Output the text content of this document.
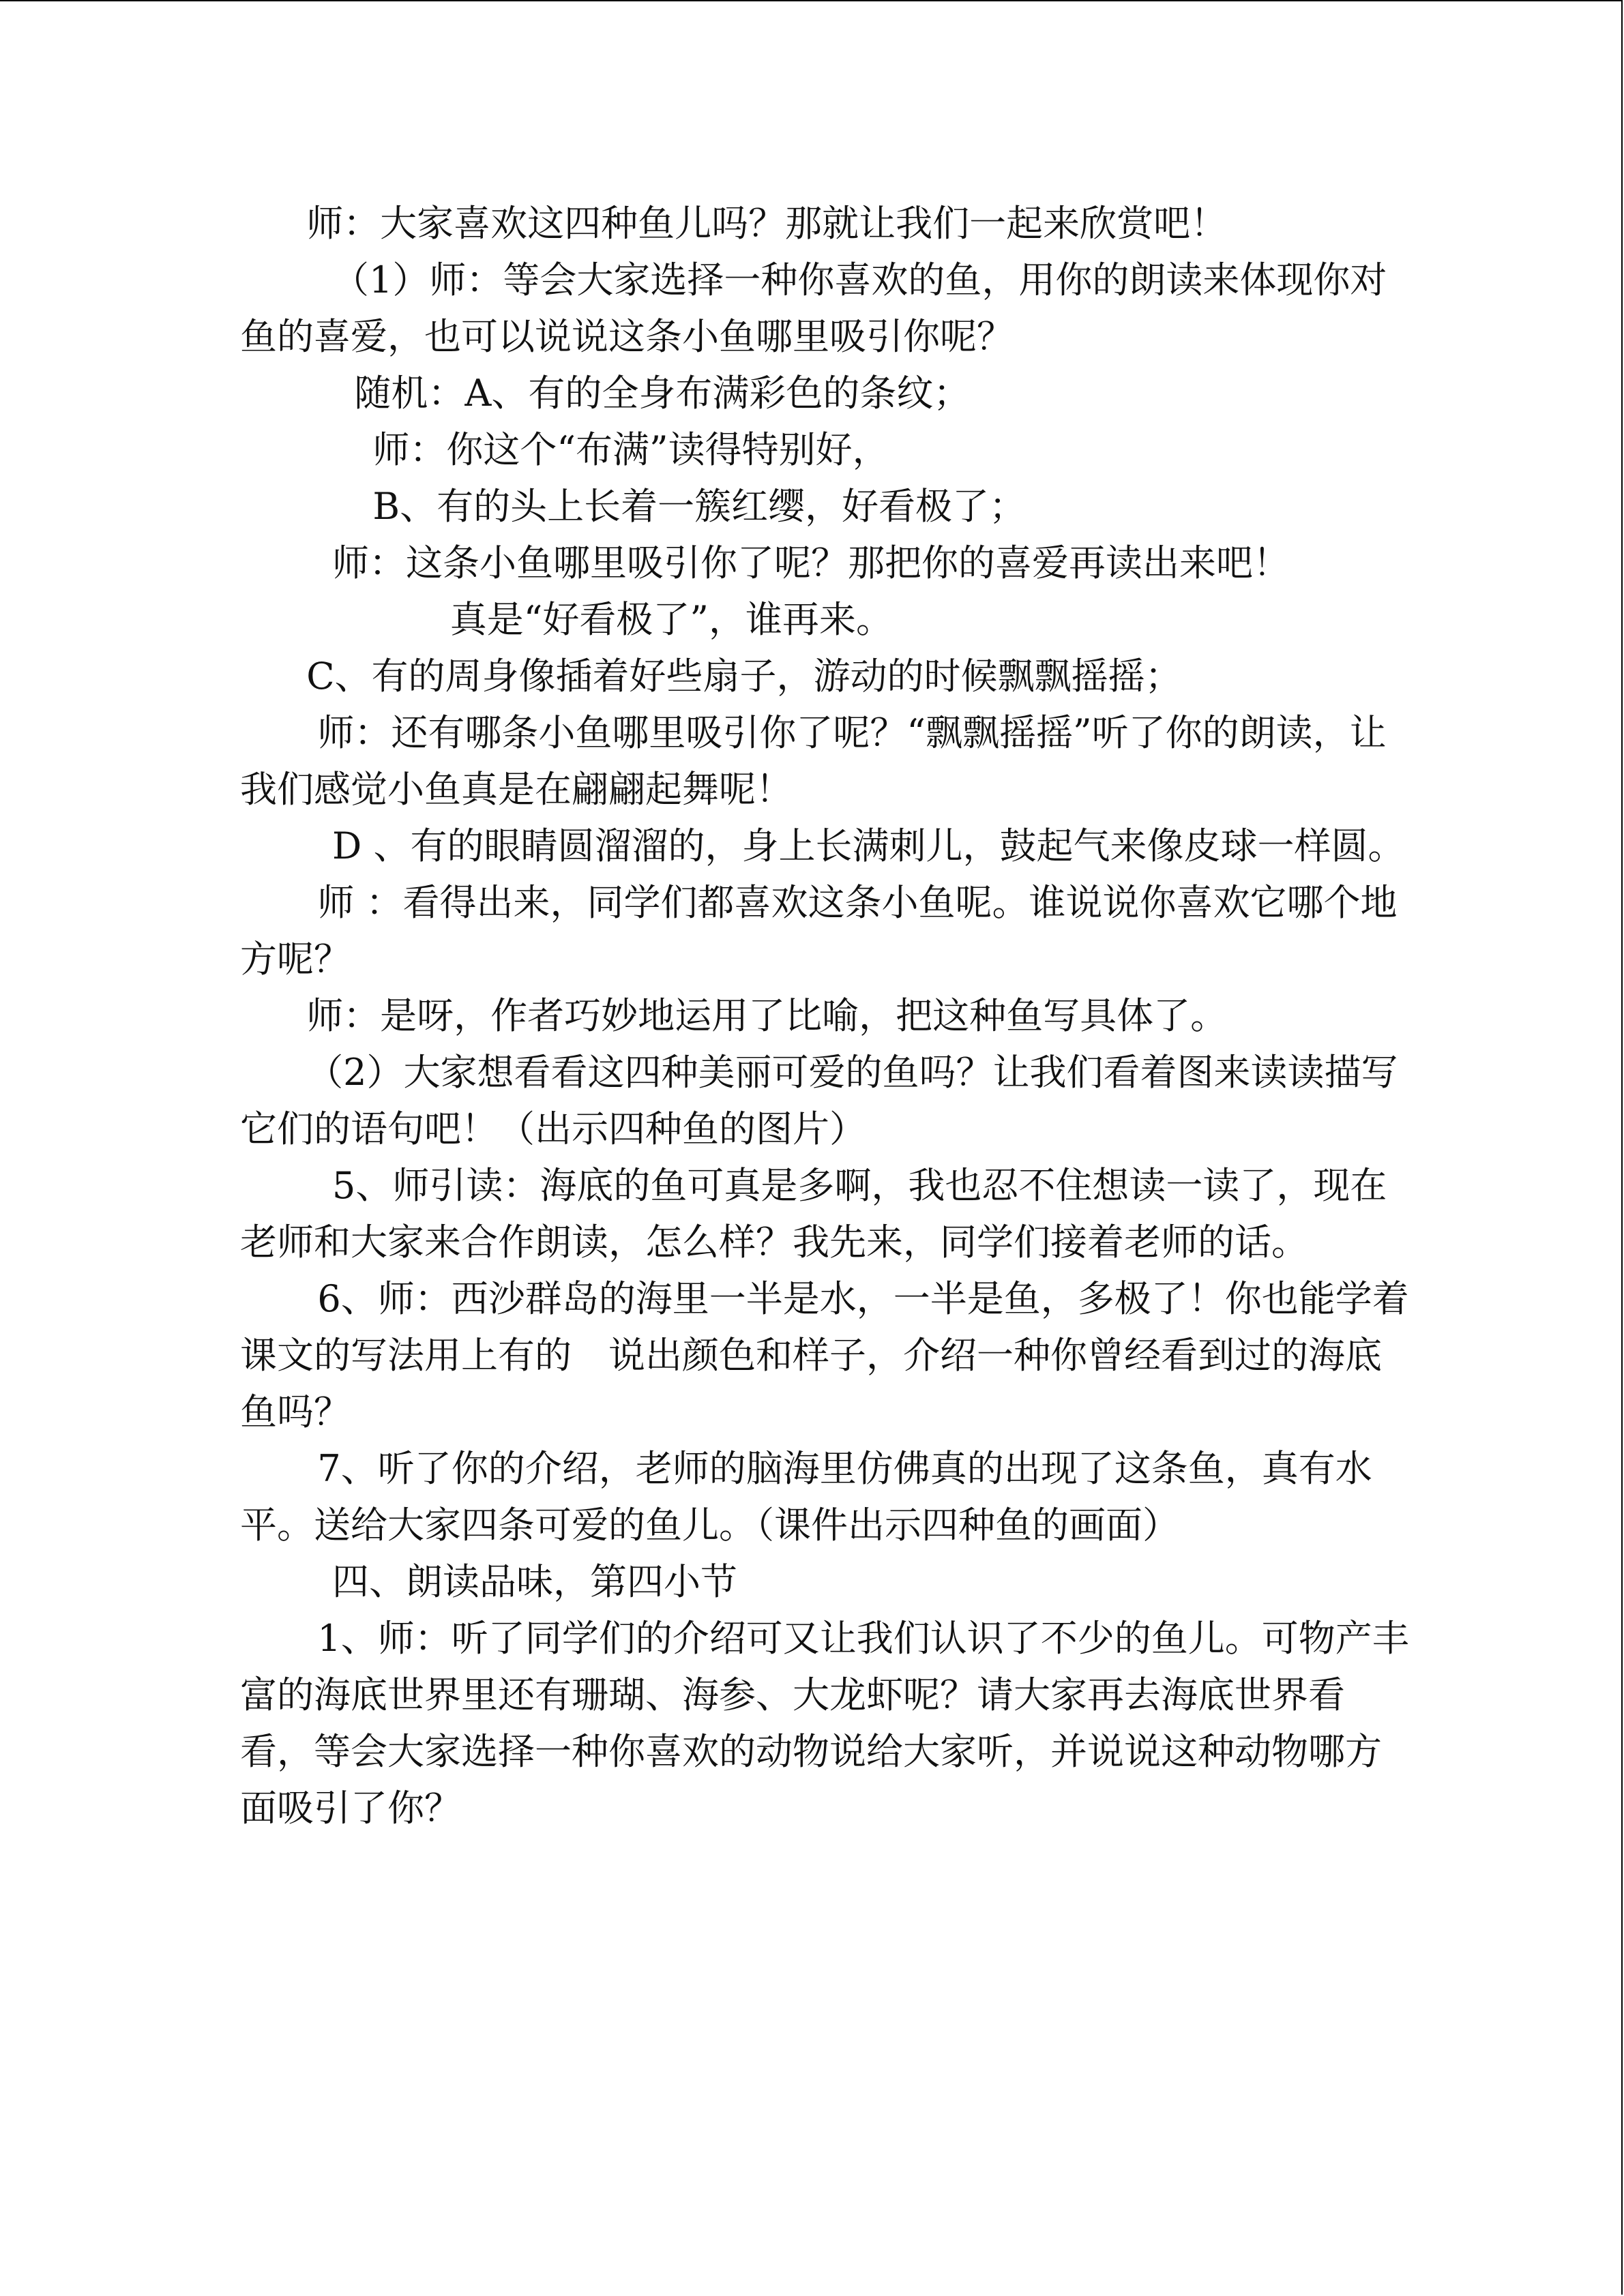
师：大家喜欢这四种鱼儿吗？那就让我们一起来欣赏吧！

（1）师：等会大家选择一种你喜欢的鱼，用你的朗读来体现你对鱼的喜爱，也可以说说这条小鱼哪里吸引你呢？

随机：A、有的全身布满彩色的条纹；

师：你这个“布满”读得特别好，

B、有的头上长着一簇红缨，好看极了；

师：这条小鱼哪里吸引你了呢？那把你的喜爱再读出来吧！

真是“好看极了”，谁再来。

C、有的周身像插着好些扇子，游动的时候飘飘摇摇；

师：还有哪条小鱼哪里吸引你了呢？“飘飘摇摇”听了你的朗读，让我们感觉小鱼真是在翩翩起舞呢！

D 、有的眼睛圆溜溜的，身上长满刺儿，鼓起气来像皮球一样圆。

师 ：看得出来，同学们都喜欢这条小鱼呢。谁说说你喜欢它哪个地方呢？

师：是呀，作者巧妙地运用了比喻，把这种鱼写具体了。

（2）大家想看看这四种美丽可爱的鱼吗？让我们看着图来读读描写它们的语句吧！（出示四种鱼的图片）

5、师引读：海底的鱼可真是多啊，我也忍不住想读一读了，现在老师和大家来合作朗读，怎么样？我先来，同学们接着老师的话。

6、师：西沙群岛的海里一半是水，一半是鱼，多极了！你也能学着课文的写法用上有的　说出颜色和样子，介绍一种你曾经看到过的海底鱼吗？

7、听了你的介绍，老师的脑海里仿佛真的出现了这条鱼，真有水平。送给大家四条可爱的鱼儿。（课件出示四种鱼的画面）

四、朗读品味，第四小节

1、师：听了同学们的介绍可又让我们认识了不少的鱼儿。可物产丰富的海底世界里还有珊瑚、海参、大龙虾呢？请大家再去海底世界看看，等会大家选择一种你喜欢的动物说给大家听，并说说这种动物哪方面吸引了你？
